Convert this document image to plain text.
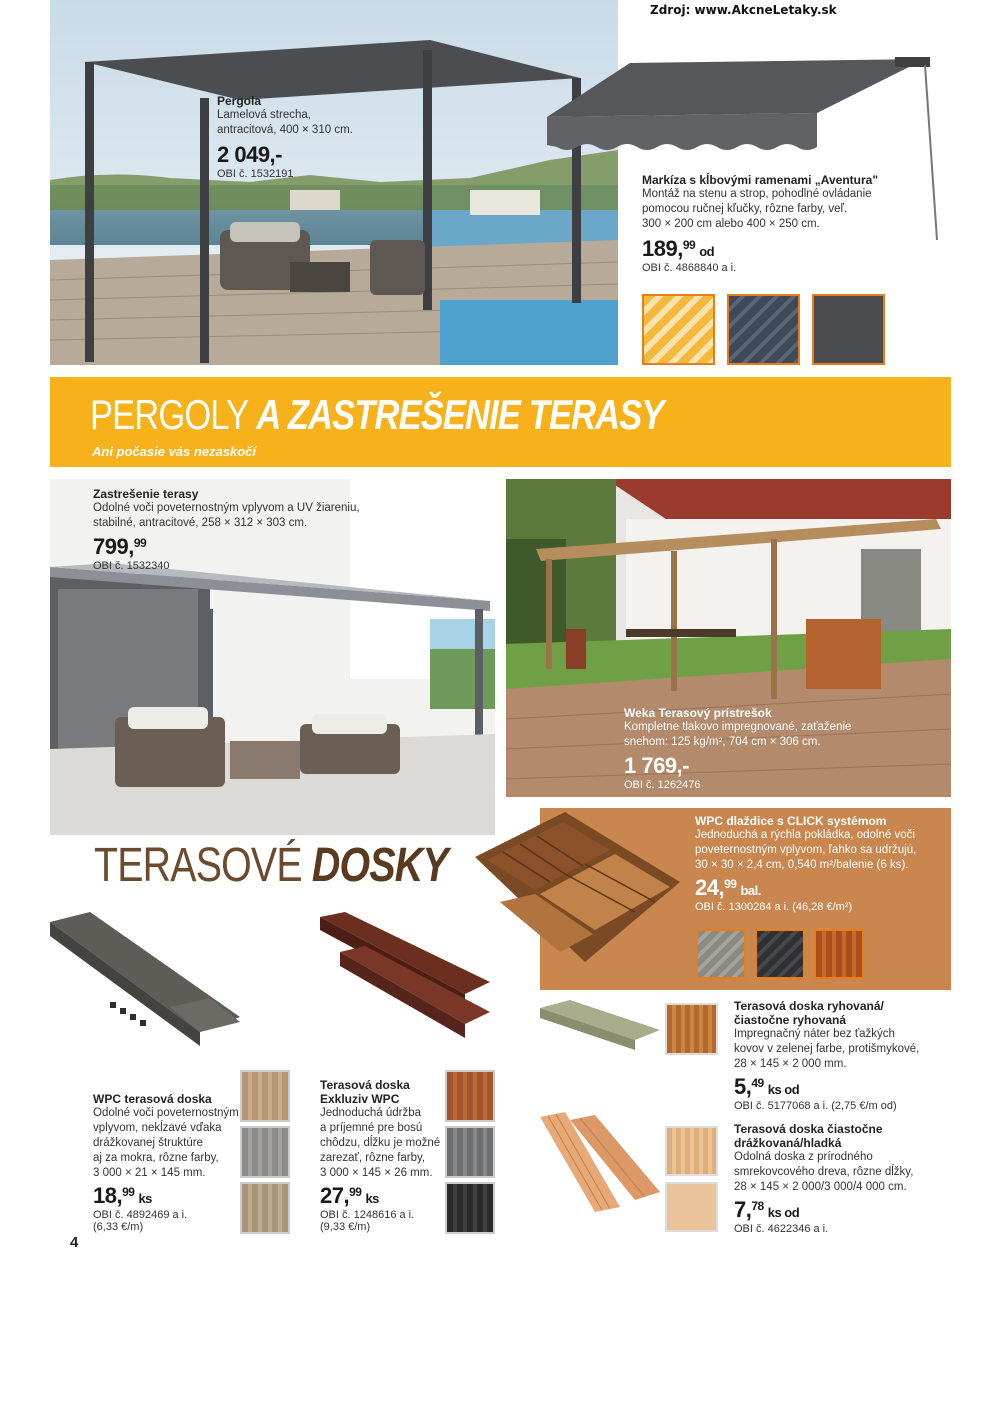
Zdroj: www.AkcneLetaky.sk
Pergola
Lamelová strecha,
antracitová, 400 × 310 cm.
2 049,-
OBI č. 1532191	Markíza s kĺbovými ramenami „Aventura"
Montáž na stenu a strop, pohodlné ovládanie
pomocou ručnej kľučky, rôzne farby, veľ.
300 × 200 cm alebo 400 × 250 cm.
189,99 od
OBI č. 4868840 a i.
PERGOLY A ZASTREŠENIE TERASY
Ani počasie vás nezaskočí
Zastrešenie terasy
Odolné voči poveternostným vplyvom a UV žiareniu,
stabilné, antracitové, 258 × 312 × 303 cm.
799,99
OBI č. 1532340
Weka Terasový prístrešok
Kompletne tlakovo impregnované, zaťaženie
snehom: 125 kg/m², 704 cm × 306 cm.
1 769,-
OBI č. 1262476
TERASOVÉ DOSKY
WPC dlaždice s CLICK systémom
Jednoduchá a rýchla pokládka, odolné voči
poveternostným vplyvom, ľahko sa udržujú,
30 × 30 × 2,4 cm, 0,540 m²/balenie (6 ks).
24,99 bal.
OBI č. 1300284 a i. (46,28 €/m²)
WPC terasová doska
Odolné voči poveternostným
vplyvom, nekĺzavé vďaka
drážkovanej štruktúre
aj za mokra, rôzne farby,
3 000 × 21 × 145 mm.
18,99 ks
OBI č. 4892469 a i.
(6,33 €/m)
Terasová doska
Exkluziv WPC
Jednoduchá údržba
a príjemné pre bosú
chôdzu, dĺžku je možné
zarezať, rôzne farby,
3 000 × 145 × 26 mm.
27,99 ks
OBI č. 1248616 a i.
(9,33 €/m)
Terasová doska ryhovaná/
čiastočne ryhovaná
Impregnačný náter bez ťažkých
kovov v zelenej farbe, protišmykové,
28 × 145 × 2 000 mm.
5,49 ks od
OBI č. 5177068 a i. (2,75 €/m od)
Terasová doska čiastočne
drážkovaná/hladká
Odolná doska z prírodného
smrekovcového dreva, rôzne dĺžky,
28 × 145 × 2 000/3 000/4 000 cm.
7,78 ks od
OBI č. 4622346 a i.
4
